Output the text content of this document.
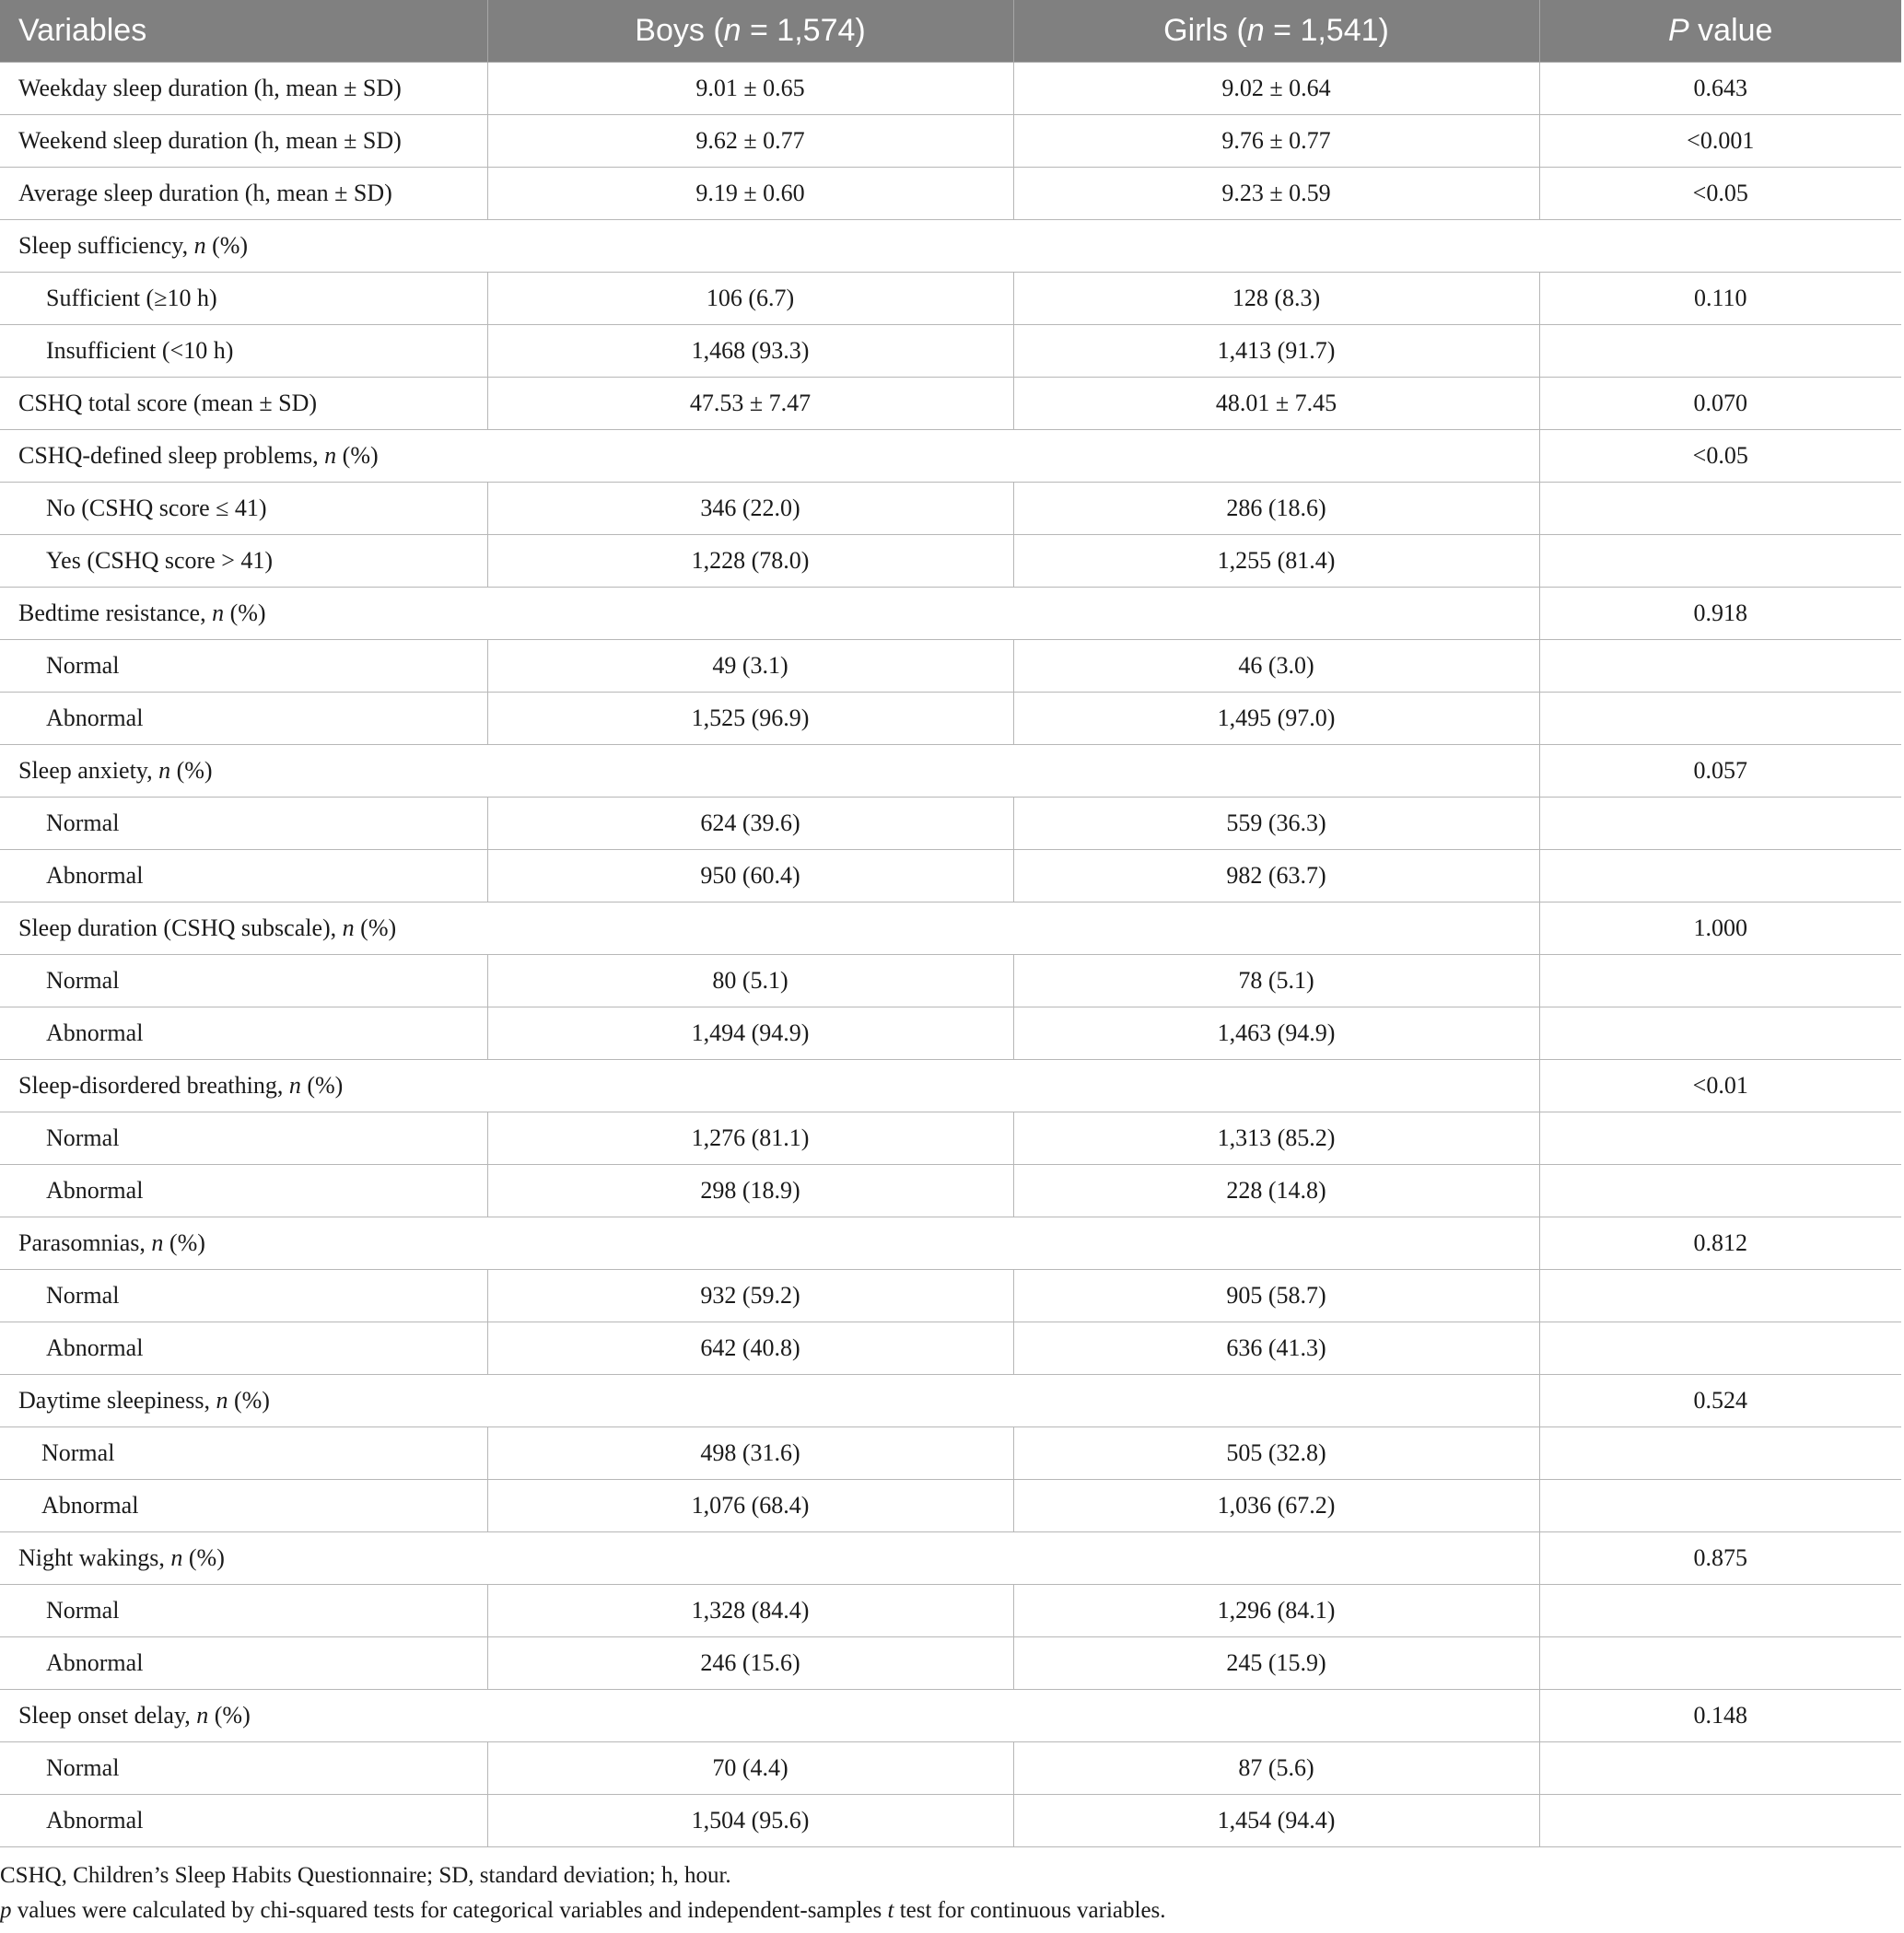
Variables	Boys (n = 1,574)	Girls (n = 1,541)	P value
Weekday sleep duration (h, mean ± SD)	9.01 ± 0.65	9.02 ± 0.64	0.643
Weekend sleep duration (h, mean ± SD)	9.62 ± 0.77	9.76 ± 0.77	<0.001
Average sleep duration (h, mean ± SD)	9.19 ± 0.60	9.23 ± 0.59	<0.05
Sleep sufficiency, n (%)			
Sufficient (≥10 h)	106 (6.7)	128 (8.3)	0.110
Insufficient (<10 h)	1,468 (93.3)	1,413 (91.7)	
CSHQ total score (mean ± SD)	47.53 ± 7.47	48.01 ± 7.45	0.070
CSHQ-defined sleep problems, n (%)			<0.05
No (CSHQ score ≤ 41)	346 (22.0)	286 (18.6)	
Yes (CSHQ score > 41)	1,228 (78.0)	1,255 (81.4)	
Bedtime resistance, n (%)			0.918
Normal	49 (3.1)	46 (3.0)	
Abnormal	1,525 (96.9)	1,495 (97.0)	
Sleep anxiety, n (%)			0.057
Normal	624 (39.6)	559 (36.3)	
Abnormal	950 (60.4)	982 (63.7)	
Sleep duration (CSHQ subscale), n (%)			1.000
Normal	80 (5.1)	78 (5.1)	
Abnormal	1,494 (94.9)	1,463 (94.9)	
Sleep-disordered breathing, n (%)			<0.01
Normal	1,276 (81.1)	1,313 (85.2)	
Abnormal	298 (18.9)	228 (14.8)	
Parasomnias, n (%)			0.812
Normal	932 (59.2)	905 (58.7)	
Abnormal	642 (40.8)	636 (41.3)	
Daytime sleepiness, n (%)			0.524
Normal	498 (31.6)	505 (32.8)	
Abnormal	1,076 (68.4)	1,036 (67.2)	
Night wakings, n (%)			0.875
Normal	1,328 (84.4)	1,296 (84.1)	
Abnormal	246 (15.6)	245 (15.9)	
Sleep onset delay, n (%)			0.148
Normal	70 (4.4)	87 (5.6)	
Abnormal	1,504 (95.6)	1,454 (94.4)	
CSHQ, Children’s Sleep Habits Questionnaire; SD, standard deviation; h, hour.
p values were calculated by chi-squared tests for categorical variables and independent-samples t test for continuous variables.
